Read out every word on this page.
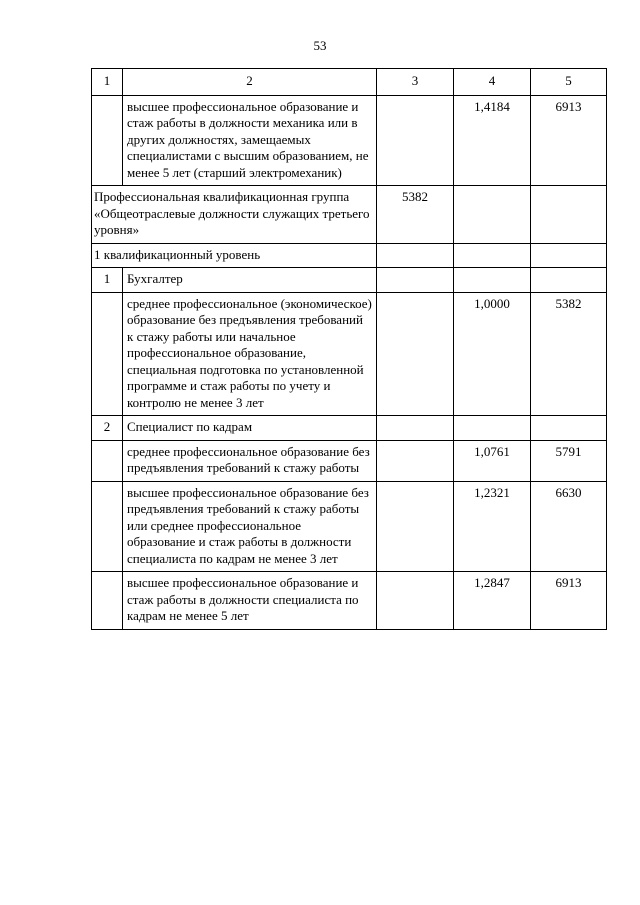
53
1	2	3	4	5
	высшее профессиональное образование и стаж работы в должности механика или в других должностях, замещаемых специалистами с высшим образованием, не менее 5 лет (старший электромеханик)		1,4184	6913
Профессиональная квалификационная группа «Общеотраслевые должности служащих третьего уровня»		5382		
1 квалификационный уровень				
1	Бухгалтер			
	среднее профессиональное (экономическое) образование без предъявления требований к стажу работы или начальное профессиональное образование, специальная подготовка по установленной программе и стаж работы по учету и контролю не менее 3 лет		1,0000	5382
2	Специалист по кадрам			
	среднее профессиональное образование без предъявления требований к стажу работы		1,0761	5791
	высшее профессиональное образование без предъявления требований к стажу работы или среднее профессиональное образование и стаж работы в должности специалиста по кадрам не менее 3 лет		1,2321	6630
	высшее профессиональное образование и стаж работы в должности специалиста по кадрам не менее 5 лет		1,2847	6913
